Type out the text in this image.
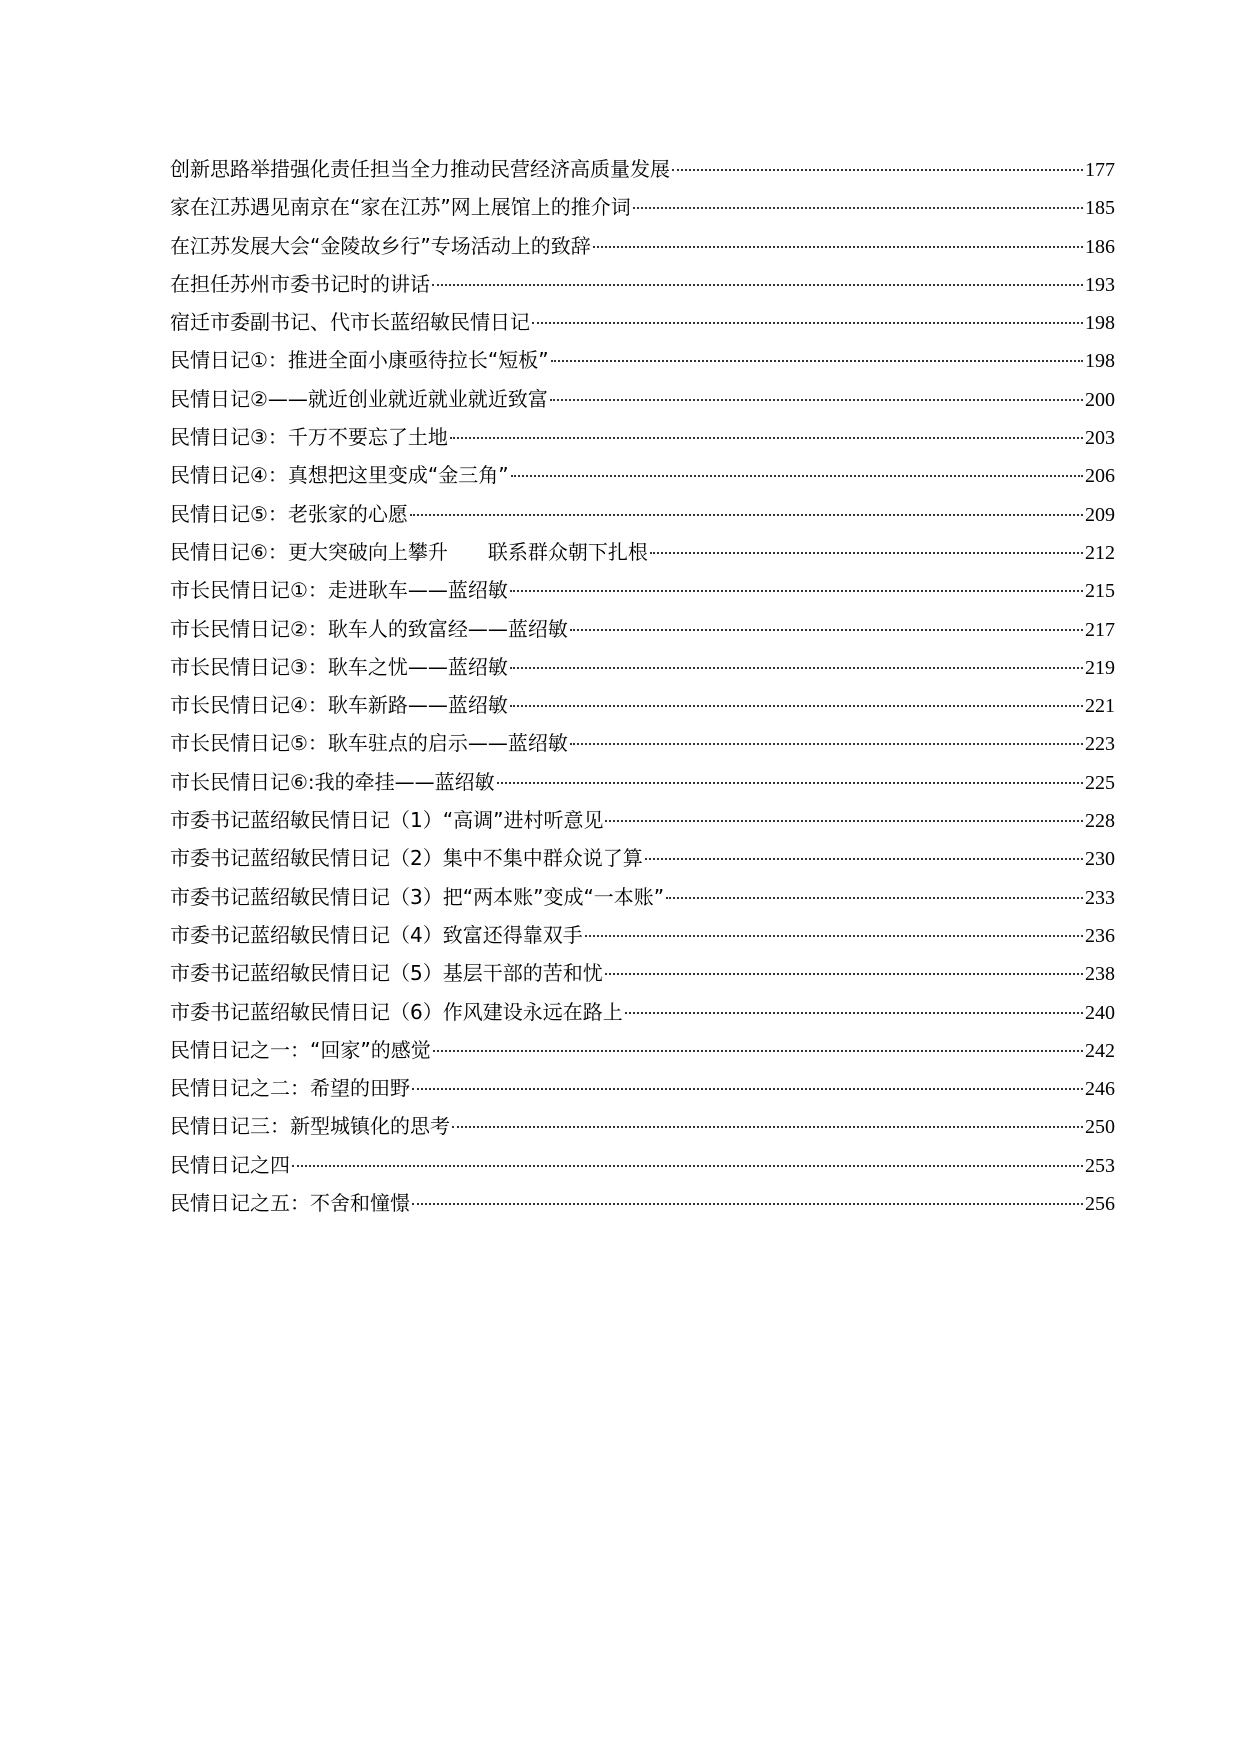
创新思路举措强化责任担当全力推动民营经济高质量发展	177
家在江苏遇见南京在“家在江苏”网上展馆上的推介词	185
在江苏发展大会“金陵故乡行”专场活动上的致辞	186
在担任苏州市委书记时的讲话	193
宿迁市委副书记、代市长蓝绍敏民情日记	198
民情日记①：推进全面小康亟待拉长“短板”	198
民情日记②——就近创业就近就业就近致富	200
民情日记③：千万不要忘了土地	203
民情日记④：真想把这里变成“金三角”	206
民情日记⑤：老张家的心愿	209
民情日记⑥：更大突破向上攀升　　联系群众朝下扎根	212
市长民情日记①：走进耿车——蓝绍敏	215
市长民情日记②：耿车人的致富经——蓝绍敏	217
市长民情日记③：耿车之忧——蓝绍敏	219
市长民情日记④：耿车新路——蓝绍敏	221
市长民情日记⑤：耿车驻点的启示——蓝绍敏	223
市长民情日记⑥:我的牵挂——蓝绍敏	225
市委书记蓝绍敏民情日记（1）“高调”进村听意见	228
市委书记蓝绍敏民情日记（2）集中不集中群众说了算	230
市委书记蓝绍敏民情日记（3）把“两本账”变成“一本账”	233
市委书记蓝绍敏民情日记（4）致富还得靠双手	236
市委书记蓝绍敏民情日记（5）基层干部的苦和忧	238
市委书记蓝绍敏民情日记（6）作风建设永远在路上	240
民情日记之一：“回家”的感觉	242
民情日记之二：希望的田野	246
民情日记三：新型城镇化的思考	250
民情日记之四	253
民情日记之五：不舍和憧憬	256
